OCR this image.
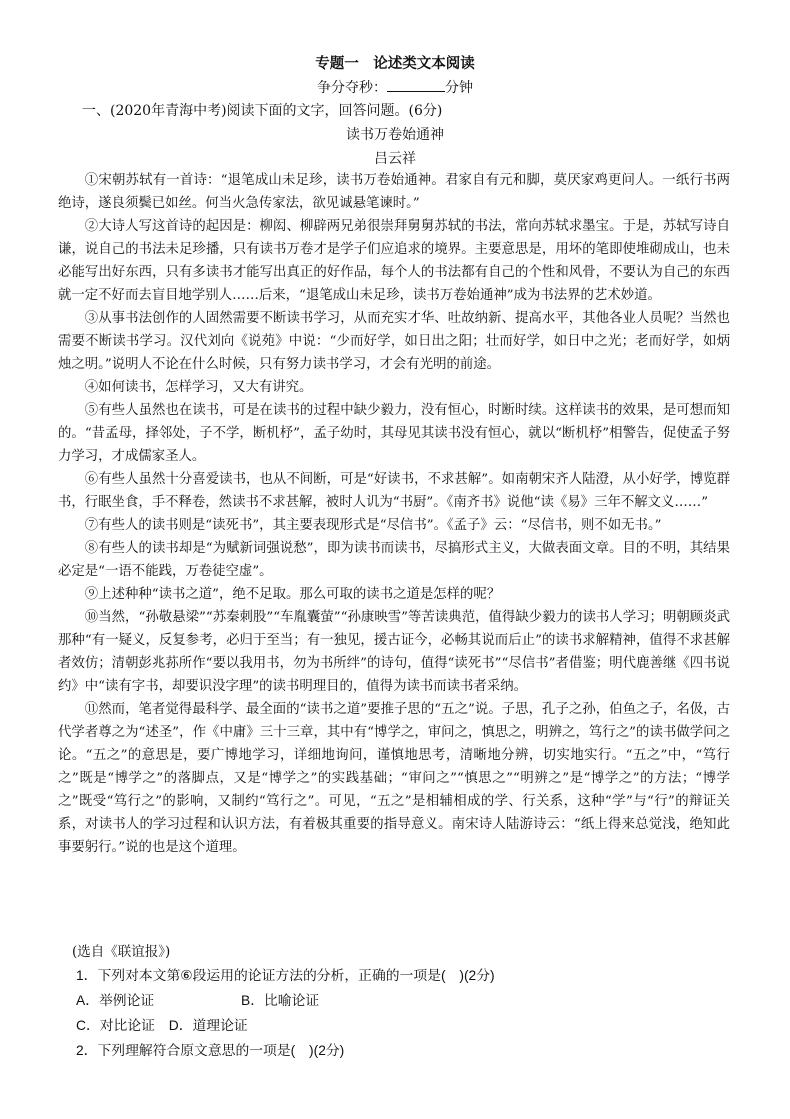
专题一　论述类文本阅读
争分夺秒：	分钟
一、(2020年青海中考)阅读下面的文字，回答问题。(6分)
读书万卷始通神
吕云祥

①宋朝苏轼有一首诗：“退笔成山未足珍，读书万卷始通神。君家自有元和脚，莫厌家鸡更问人。一纸行书两绝诗，遂良须鬓已如丝。何当火急传家法，欲见诚悬笔谏时。”

②大诗人写这首诗的起因是：柳闳、柳辟两兄弟很崇拜舅舅苏轼的书法，常向苏轼求墨宝。于是，苏轼写诗自谦，说自己的书法未足珍播，只有读书万卷才是学子们应追求的境界。主要意思是，用坏的笔即使堆砌成山，也未必能写出好东西，只有多读书才能写出真正的好作品，每个人的书法都有自己的个性和风骨，不要认为自己的东西就一定不好而去盲目地学别人……后来，“退笔成山未足珍，读书万卷始通神”成为书法界的艺术妙道。

③从事书法创作的人固然需要不断读书学习，从而充实才华、吐故纳新、提高水平，其他各业人员呢？当然也需要不断读书学习。汉代刘向《说苑》中说：“少而好学，如日出之阳；壮而好学，如日中之光；老而好学，如炳烛之明。”说明人不论在什么时候，只有努力读书学习，才会有光明的前途。

④如何读书，怎样学习，又大有讲究。

⑤有些人虽然也在读书，可是在读书的过程中缺少毅力，没有恒心，时断时续。这样读书的效果，是可想而知的。“昔孟母，择邻处，子不学，断机杼”，孟子幼时，其母见其读书没有恒心，就以“断机杼”相警告，促使孟子努力学习，才成儒家圣人。

⑥有些人虽然十分喜爱读书，也从不间断，可是“好读书，不求甚解”。如南朝宋齐人陆澄，从小好学，博览群书，行眠坐食，手不释卷，然读书不求甚解，被时人讥为“书厨”。《南齐书》说他“读《易》三年不解文义……”

⑦有些人的读书则是“读死书”，其主要表现形式是“尽信书”。《孟子》云：“尽信书，则不如无书。”

⑧有些人的读书却是“为赋新词强说愁”，即为读书而读书，尽搞形式主义，大做表面文章。目的不明，其结果必定是“一语不能践，万卷徒空虚”。

⑨上述种种“读书之道”，绝不足取。那么可取的读书之道是怎样的呢？

⑩当然，“孙敬悬梁”“苏秦刺股”“车胤囊萤”“孙康映雪”等苦读典范，值得缺少毅力的读书人学习；明朝顾炎武那种“有一疑义，反复参考，必归于至当；有一独见，援古证今，必畅其说而后止”的读书求解精神，值得不求甚解者效仿；清朝彭兆荪所作“要以我用书，勿为书所绊”的诗句，值得“读死书”“尽信书”者借鉴；明代鹿善继《四书说约》中“读有字书，却要识没字理”的读书明理目的，值得为读书而读书者采纳。

⑪然而，笔者觉得最科学、最全面的“读书之道”要推子思的“五之”说。子思，孔子之孙，伯鱼之子，名伋，古代学者尊之为“述圣”，作《中庸》三十三章，其中有“博学之，审问之，慎思之，明辨之，笃行之”的读书做学问之论。“五之”的意思是，要广博地学习，详细地询问，谨慎地思考，清晰地分辨，切实地实行。“五之”中，“笃行之”既是“博学之”的落脚点，又是“博学之”的实践基础；“审问之”“慎思之”“明辨之”是“博学之”的方法；“博学之”既受“笃行之”的影响，又制约“笃行之”。可见，“五之”是相辅相成的学、行关系，这种“学”与“行”的辩证关系，对读书人的学习过程和认识方法，有着极其重要的指导意义。南宋诗人陆游诗云：“纸上得来总觉浅，绝知此事要躬行。”说的也是这个道理。

(选自《联谊报》)
1．下列对本文第⑥段运用的论证方法的分析，正确的一项是(　)(2分)
A．举例论证	B．比喻论证
C．对比论证　D．道理论证
2．下列理解符合原文意思的一项是(　)(2分)
